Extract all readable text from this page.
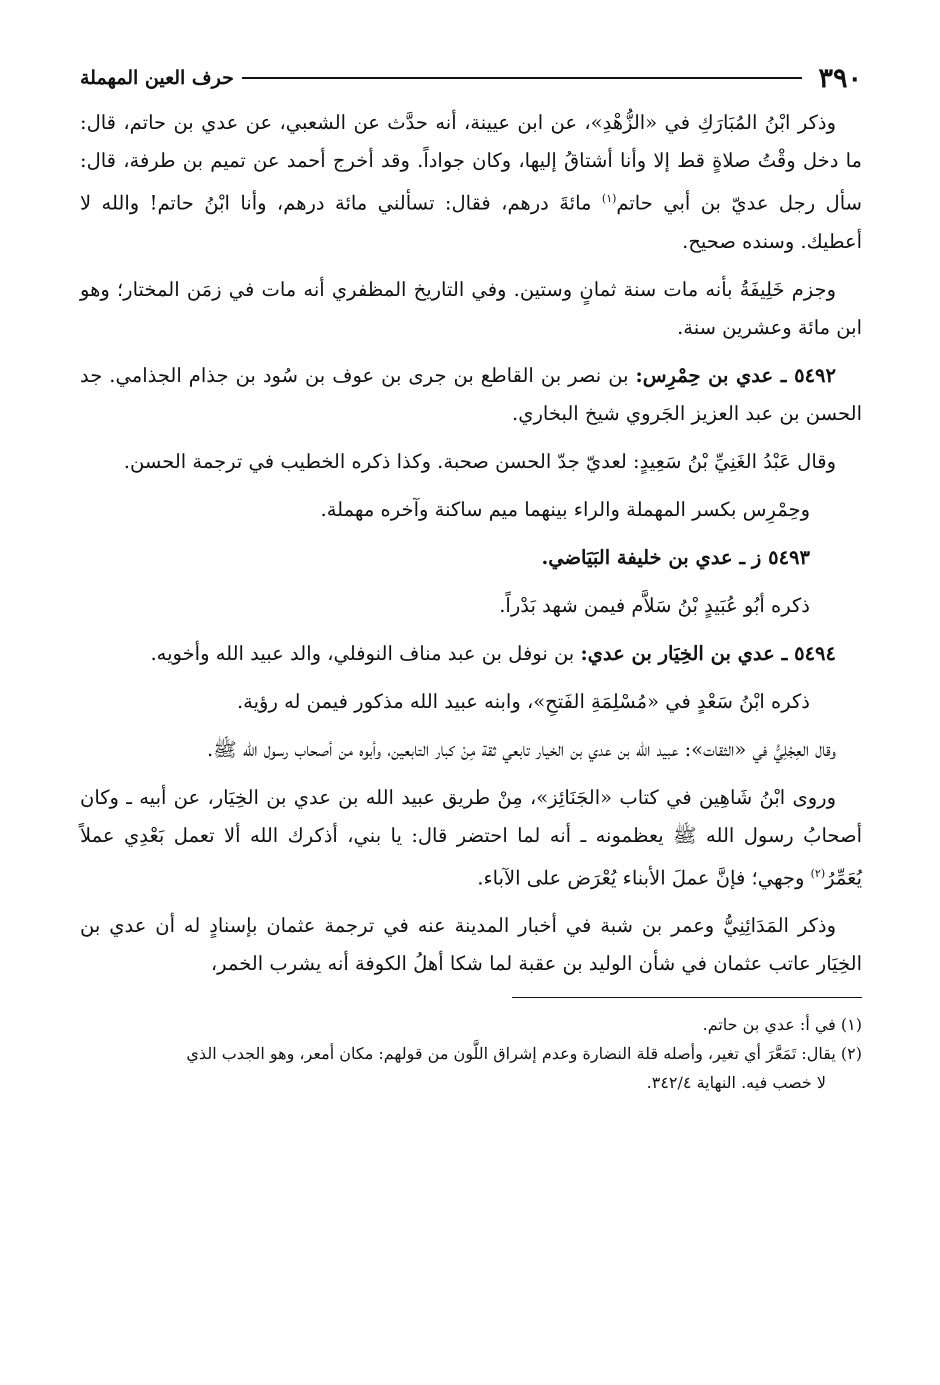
٣٩٠
حرف العين المهملة

وذكر ابْنُ المُبَارَكِ في «الزُّهْدِ»، عن ابن عيينة، أنه حدَّث عن الشعبي، عن عدي بن حاتم، قال: ما دخل وقْتُ صلاةٍ قط إلا وأنا أشتاقُ إليها، وكان جواداً. وقد أخرج أحمد عن تميم بن طرفة، قال: سأل رجل عديّ بن أبي حاتم$^{(١)}$ مائةَ درهم، فقال: تسألني مائة درهم، وأنا ابْنُ حاتم! والله لا أعطيك. وسنده صحيح.

وجزم خَلِيفَةُ بأنه مات سنة ثمانٍ وستين. وفي التاريخ المظفري أنه مات في زمَن المختار؛ وهو ابن مائة وعشرين سنة.

٥٤٩٢ ـ عدي بن حِمْرِس: بن نصر بن القاطع بن جرى بن عوف بن سُود بن جذام الجذامي. جد الحسن بن عبد العزيز الجَروي شيخ البخاري.

وقال عَبْدُ الغَنِيِّ بْنُ سَعِيدٍ: لعديّ جدّ الحسن صحبة. وكذا ذكره الخطيب في ترجمة الحسن.

وحِمْرِس بكسر المهملة والراء بينهما ميم ساكنة وآخره مهملة.

٥٤٩٣ ز ـ عدي بن خليفة البَيَاضي.

ذكره أبُو عُبَيدٍ بْنُ سَلاَّم فيمن شهد بَدْراً.

٥٤٩٤ ـ عدي بن الخِيَار بن عدي: بن نوفل بن عبد مناف النوفلي، والد عبيد الله وأخويه.

ذكره ابْنُ سَعْدٍ في «مُسْلِمَةِ الفَتحِ»، وابنه عبيد الله مذكور فيمن له رؤية.

وقال العِجْلِيُّ في «الثقات»: عبيد الله بن عدي بن الخيار تابعي ثقة مِنْ كبار التابعين، وأبوه من أصحاب رسول الله ﷺ.

وروى ابْنُ شَاهِين في كتاب «الجَنَائِز»، مِنْ طريق عبيد الله بن عدي بن الخِيَار، عن أبيه ـ وكان أصحابُ رسول الله ﷺ يعظمونه ـ أنه لما احتضر قال: يا بني، أذكرك الله ألا تعمل بَعْدِي عملاً يُعَمِّرُ$^{(٢)}$ وجهي؛ فإنَّ عملَ الأبناء يُعْرَض على الآباء.

وذكر المَدَائِنِيُّ وعمر بن شبة في أخبار المدينة عنه في ترجمة عثمان بإسنادٍ له أن عدي بن الخِيَار عاتب عثمان في شأن الوليد بن عقبة لما شكا أهلُ الكوفة أنه يشرب الخمر،

(١) في أ: عدي بن حاتم.

(٢) يقال: تَمَعَّرَ أي تغير، وأصله قلة النضارة وعدم إشراق اللَّون من قولهم: مكان أمعر، وهو الجدب الذي

لا خصب فيه. النهاية ٣٤٢/٤.
